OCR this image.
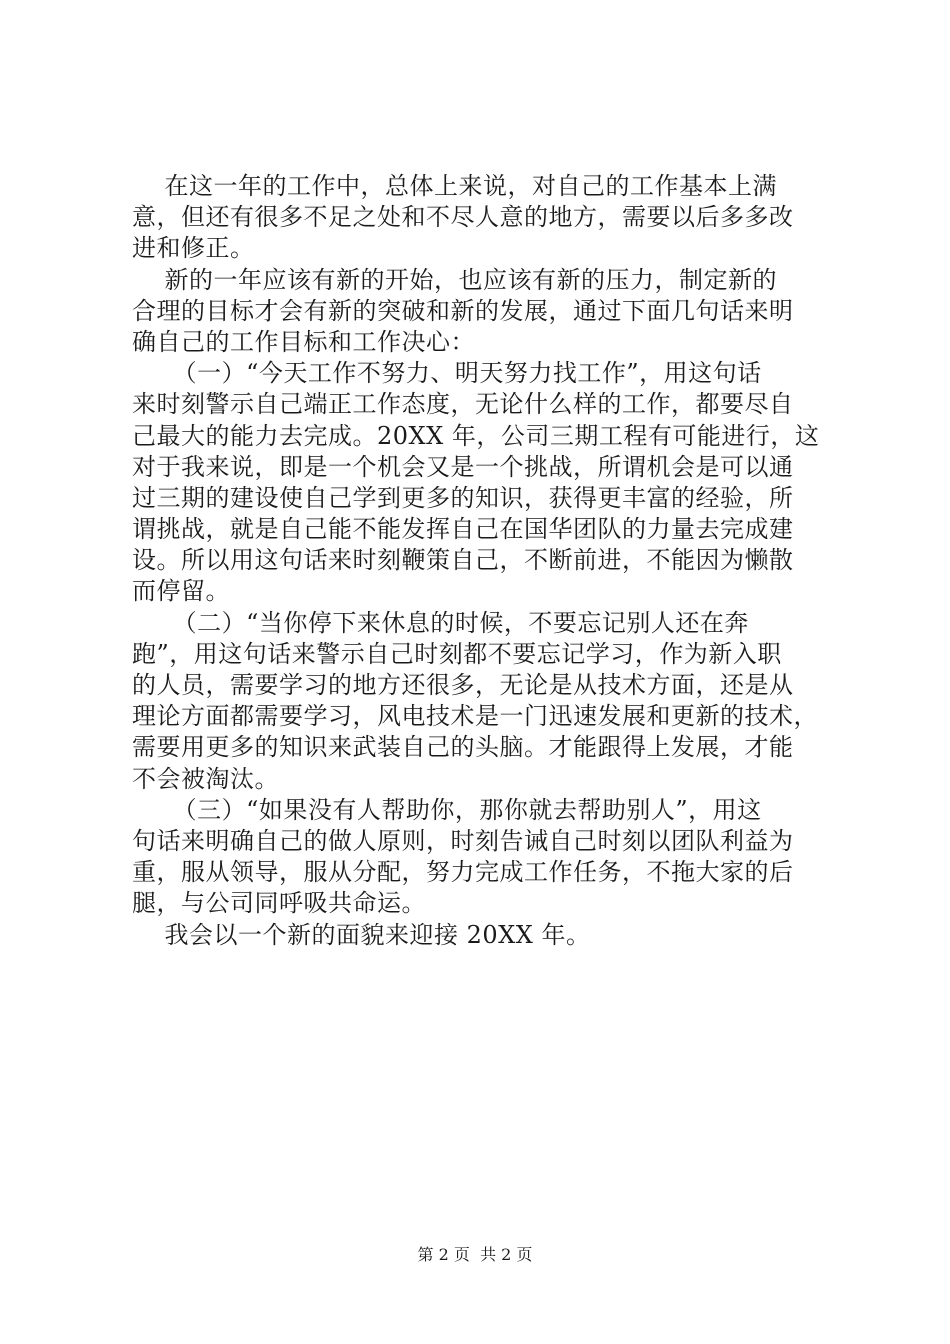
在这一年的工作中，总体上来说，对自己的工作基本上满
意，但还有很多不足之处和不尽人意的地方，需要以后多多改
进和修正。
新的一年应该有新的开始，也应该有新的压力，制定新的
合理的目标才会有新的突破和新的发展，通过下面几句话来明
确自己的工作目标和工作决心：
（一）“今天工作不努力、明天努力找工作”，用这句话
来时刻警示自己端正工作态度，无论什么样的工作，都要尽自
己最大的能力去完成。20XX 年，公司三期工程有可能进行，这
对于我来说，即是一个机会又是一个挑战，所谓机会是可以通
过三期的建设使自己学到更多的知识，获得更丰富的经验，所
谓挑战，就是自己能不能发挥自己在国华团队的力量去完成建
设。所以用这句话来时刻鞭策自己，不断前进，不能因为懒散
而停留。
（二）“当你停下来休息的时候，不要忘记别人还在奔
跑”，用这句话来警示自己时刻都不要忘记学习，作为新入职
的人员，需要学习的地方还很多，无论是从技术方面，还是从
理论方面都需要学习，风电技术是一门迅速发展和更新的技术，
需要用更多的知识来武装自己的头脑。才能跟得上发展，才能
不会被淘汰。
（三）“如果没有人帮助你，那你就去帮助别人”，用这
句话来明确自己的做人原则，时刻告诫自己时刻以团队利益为
重，服从领导，服从分配，努力完成工作任务，不拖大家的后
腿，与公司同呼吸共命运。
我会以一个新的面貌来迎接 20XX 年。
第 2 页  共 2 页
